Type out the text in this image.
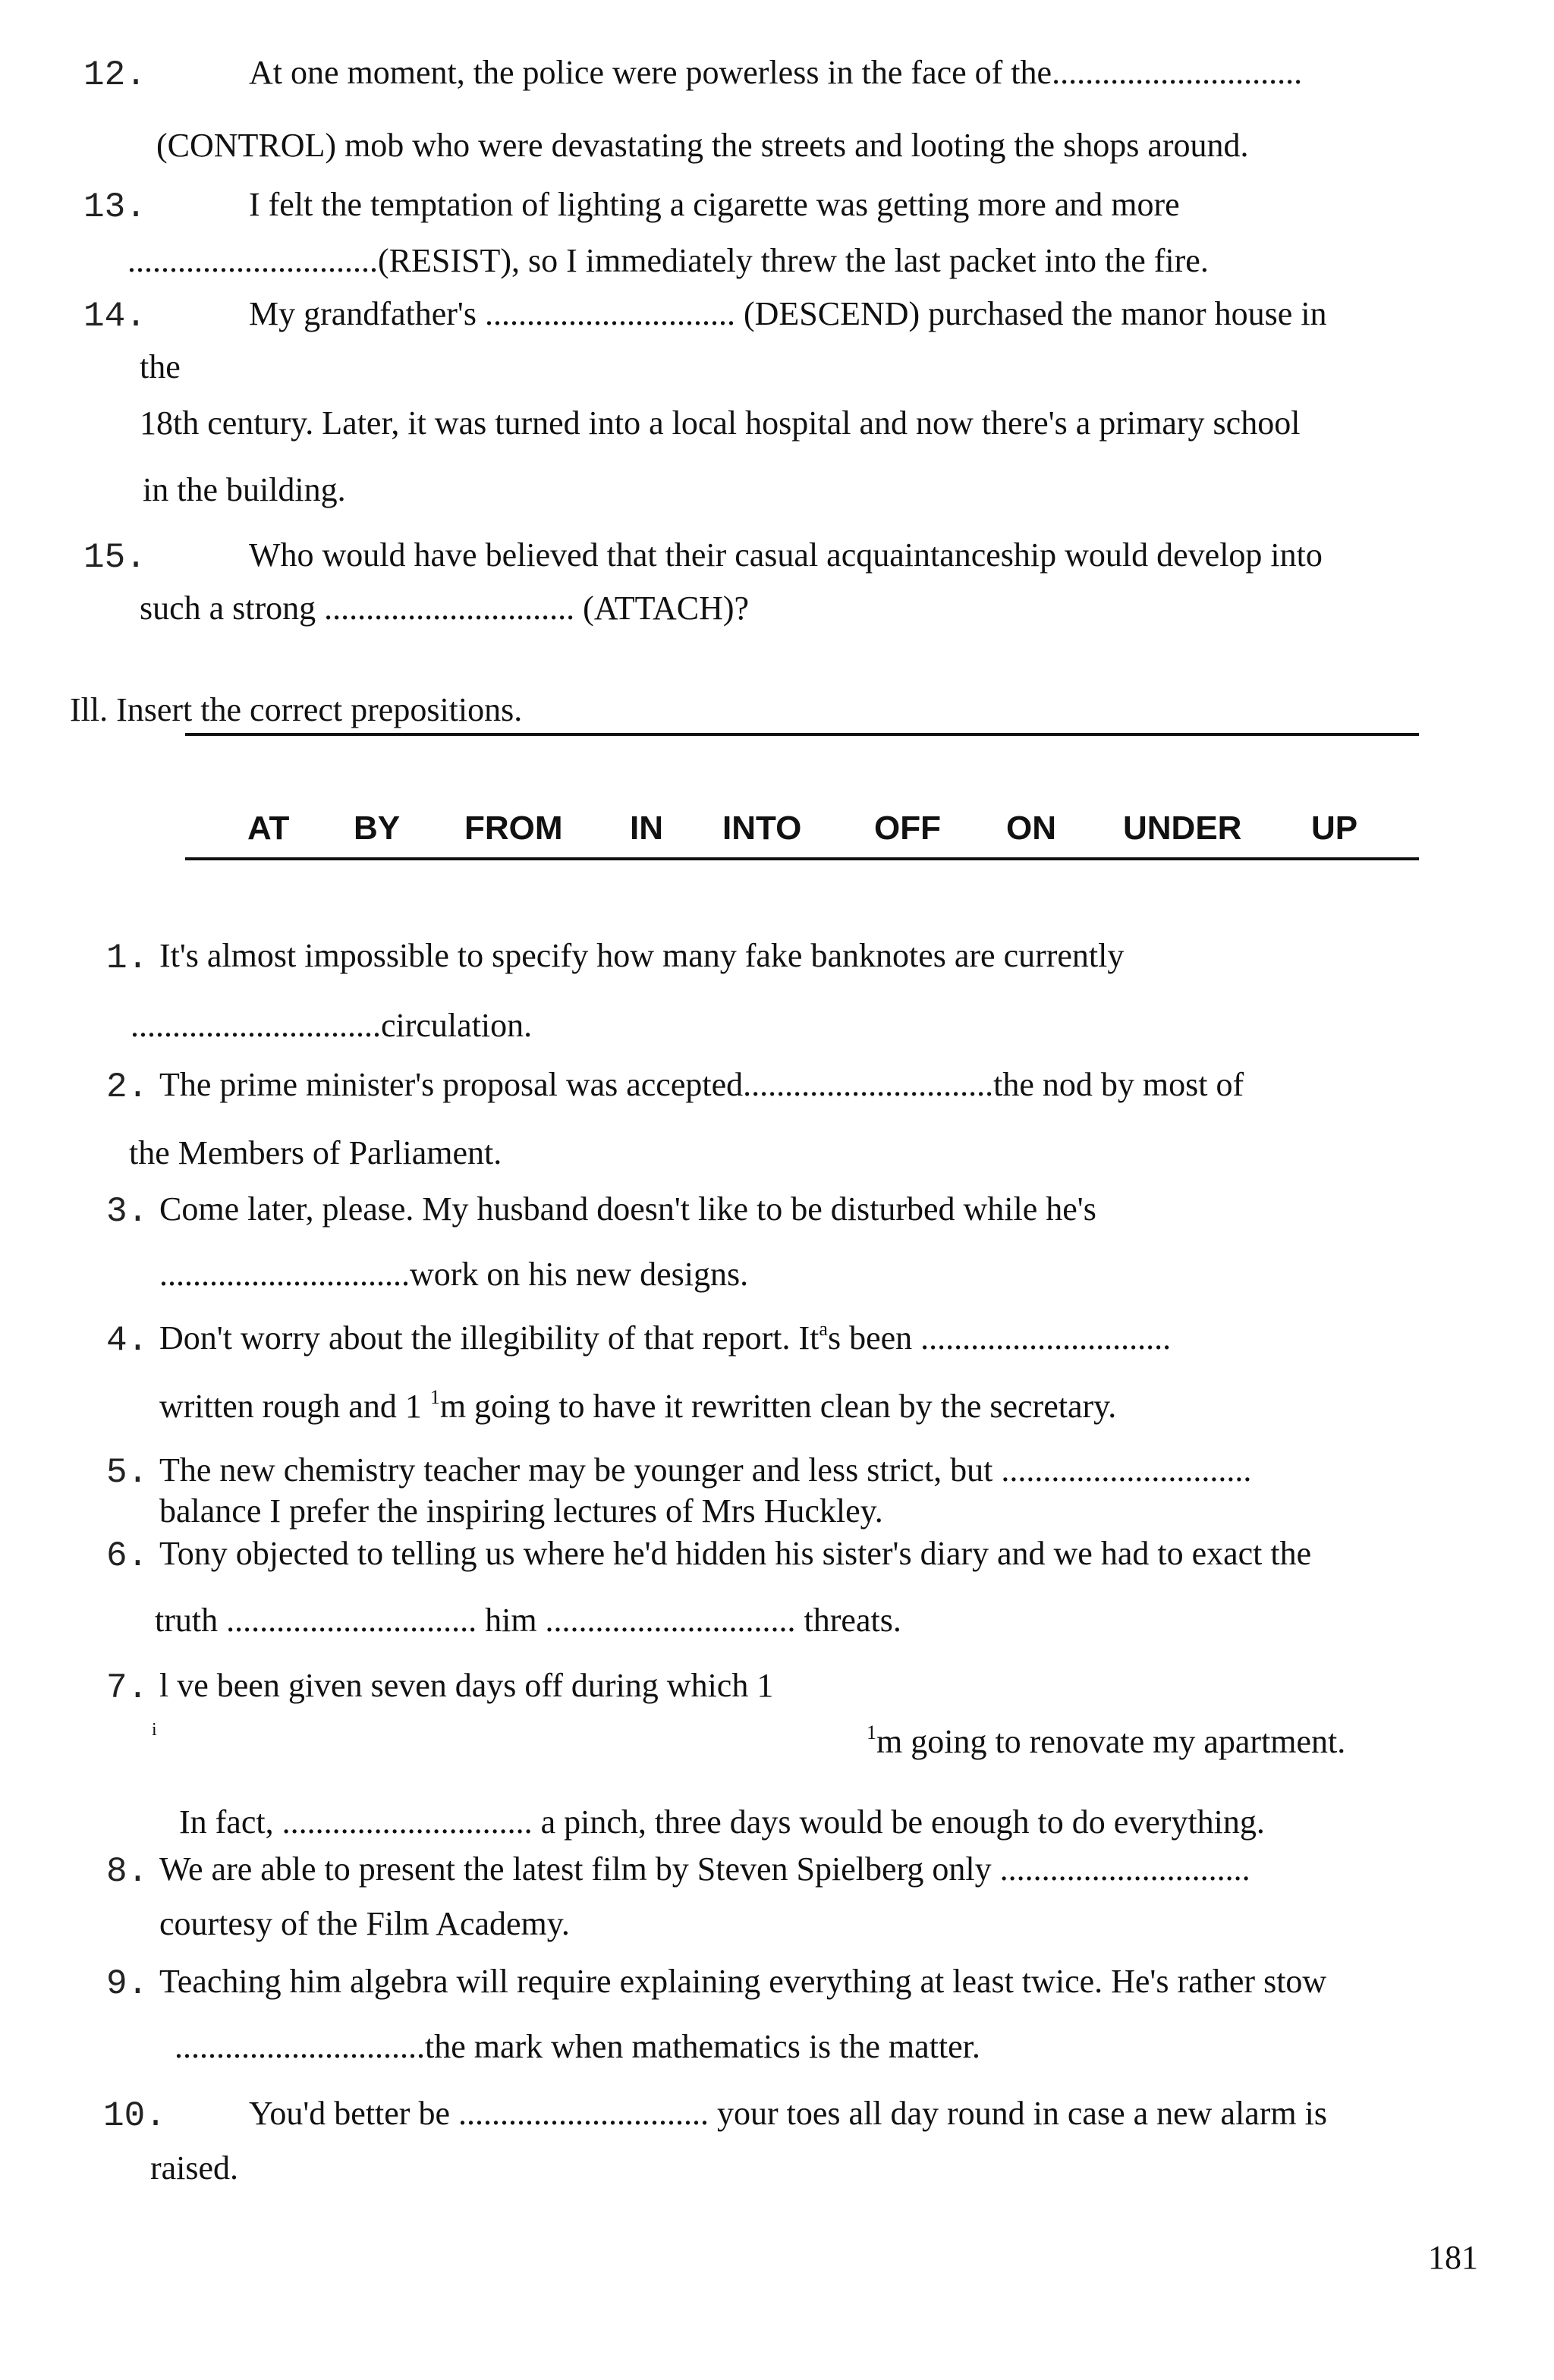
12.	At one moment, the police were powerless in the face of the..............................
(CONTROL) mob who were devastating the streets and looting the shops around.
13.	I felt the temptation of lighting a cigarette was getting more and more
..............................(RESIST), so I immediately threw the last packet into the fire.
14.	My grandfather's .............................. (DESCEND) purchased the manor house in
the
18th century. Later, it was turned into a local hospital and now there's a primary school
in the building.
15.	Who would have believed that their casual acquaintanceship would develop into
such a strong .............................. (ATTACH)?
Ill. Insert the correct prepositions.
AT BY FROM IN INTO OFF ON UNDER UP
1. It's almost impossible to specify how many fake banknotes are currently
..............................circulation.
2. The prime minister's proposal was accepted..............................the nod by most of
the Members of Parliament.
3. Come later, please. My husband doesn't like to be disturbed while he's
..............................work on his new designs.
4. Don't worry about the illegibility of that report. It$^a$s been ..............................
written rough and 1 $^1$m going to have it rewritten clean by the secretary.
5. The new chemistry teacher may be younger and less strict, but ..............................
balance I prefer the inspiring lectures of Mrs Huckley.
6. Tony objected to telling us where he'd hidden his sister's diary and we had to exact the
truth .............................. him .............................. threats.
7. l ve been given seven days off during which 1
i	$^1$m going to renovate my apartment.
In fact, .............................. a pinch, three days would be enough to do everything.
8. We are able to present the latest film by Steven Spielberg only ..............................
courtesy of the Film Academy.
9. Teaching him algebra will require explaining everything at least twice. He's rather stow
..............................the mark when mathematics is the matter.
10. You'd better be .............................. your toes all day round in case a new alarm is
raised.
181
